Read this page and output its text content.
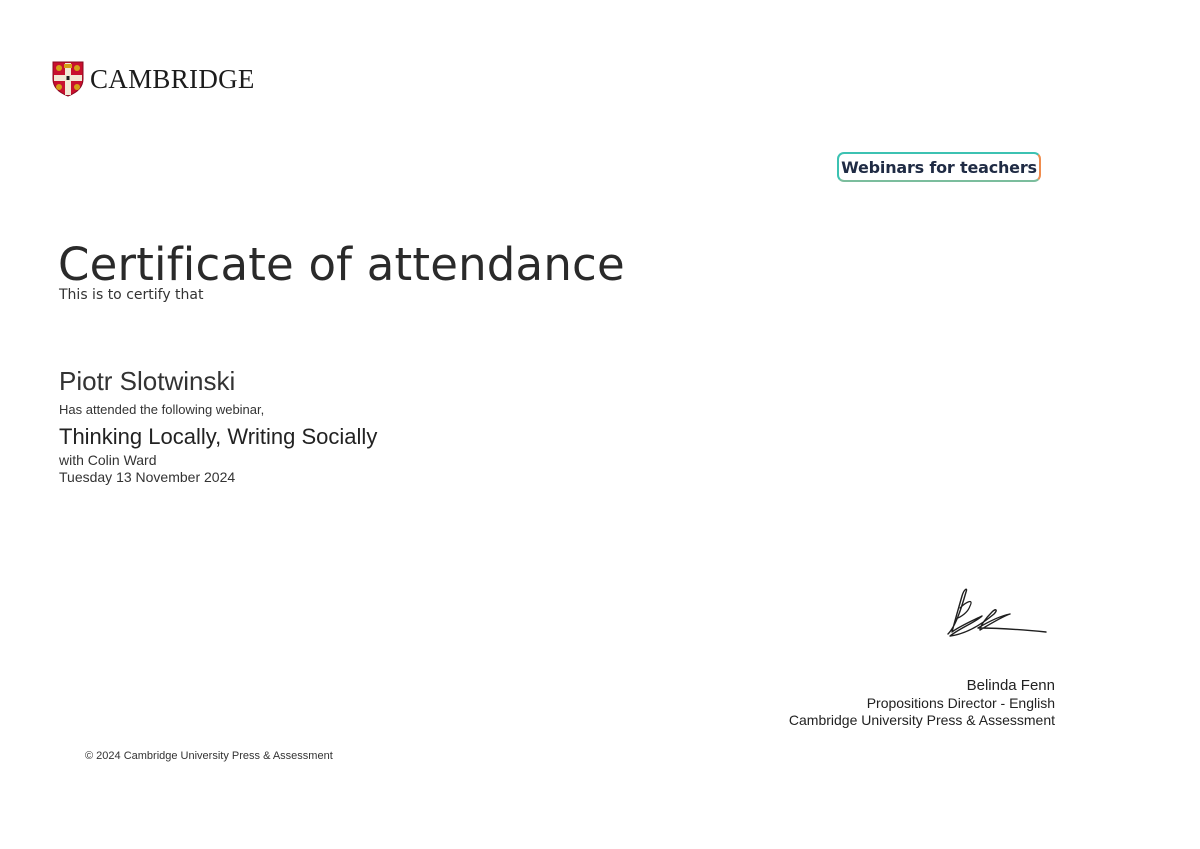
CAMBRIDGE
Webinars for teachers
Certificate of attendance
This is to certify that
Piotr Slotwinski
Has attended the following webinar,
Thinking Locally, Writing Socially
with Colin Ward
Tuesday 13 November 2024
Belinda Fenn
Propositions Director - English
Cambridge University Press & Assessment
© 2024 Cambridge University Press & Assessment
